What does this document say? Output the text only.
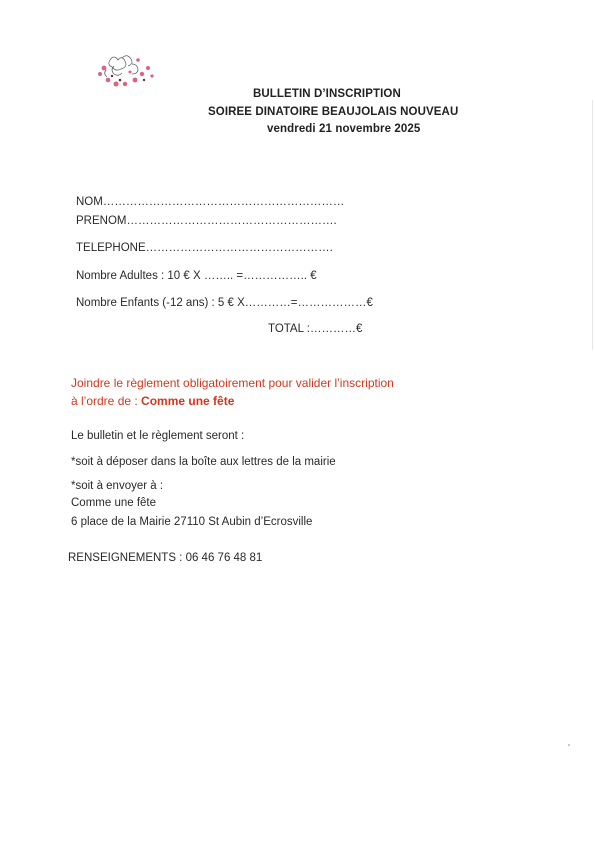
BULLETIN D’INSCRIPTION
SOIREE DINATOIRE BEAUJOLAIS NOUVEAU
vendredi 21 novembre 2025
NOM………………………………………………………
PRENOM……………………………………………….
TELEPHONE………………………………………….
Nombre Adultes : 10 € X …….. =…………….. €
Nombre Enfants (-12 ans) : 5 € X…………=………………€
TOTAL :…………€
Joindre le règlement obligatoirement pour valider l’inscription
à l’ordre de : Comme une fête
Le bulletin et le règlement seront :
*soit à déposer dans la boîte aux lettres de la mairie
*soit à envoyer à :
Comme une fête
6 place de la Mairie 27110 St Aubin d’Ecrosville
RENSEIGNEMENTS : 06 46 76 48 81
